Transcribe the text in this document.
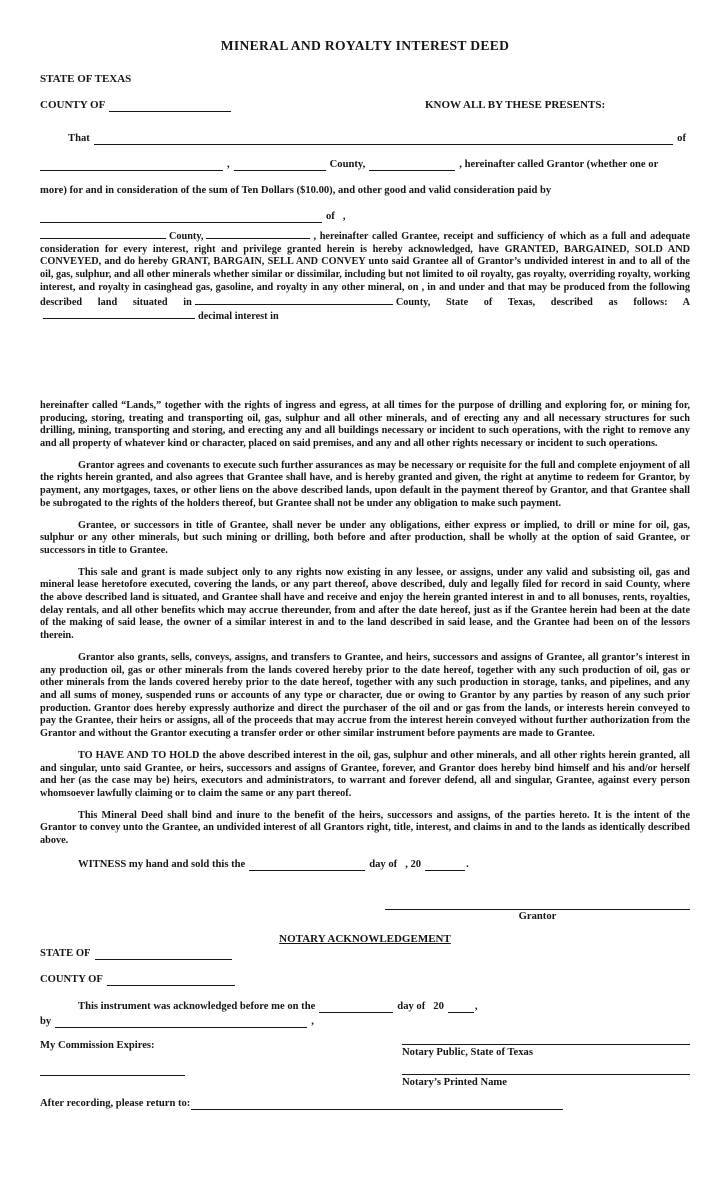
MINERAL AND ROYALTY INTEREST DEED
STATE OF TEXAS
COUNTY OF	KNOW ALL BY THESE PRESENTS:
That	of
,	County,	, hereinafter called Grantor (whether one or
more) for and in consideration of the sum of Ten Dollars ($10.00), and other good and valid consideration paid by
of ,

County,	, hereinafter called Grantee, receipt and sufficiency of which as a full and adequate consideration for every interest, right and privilege granted herein is hereby acknowledged, have GRANTED, BARGAINED, SOLD AND CONVEYED, and do hereby GRANT, BARGAIN, SELL AND CONVEY unto said Grantee all of Grantor’s undivided interest in and to all of the oil, gas, sulphur, and all other minerals whether similar or dissimilar, including but not limited to oil royalty, gas royalty, overriding royalty, working interest, and royalty in casinghead gas, gasoline, and royalty in any other mineral, on , in and under and that may be produced from the following described land situated in	County, State of Texas, described as follows: Adecimal interest in

hereinafter called “Lands,” together with the rights of ingress and egress, at all times for the purpose of drilling and exploring for, or mining for, producing, storing, treating and transporting oil, gas, sulphur and all other minerals, and of erecting any and all necessary structures for such drilling, mining, transporting and storing, and erecting any and all buildings necessary or incident to such operations, with the right to remove any and all property of whatever kind or character, placed on said premises, and any and all other rights necessary or incident to such operations.

Grantor agrees and covenants to execute such further assurances as may be necessary or requisite for the full and complete enjoyment of all the rights herein granted, and also agrees that Grantee shall have, and is hereby granted and given, the right at anytime to redeem for Grantor, by payment, any mortgages, taxes, or other liens on the above described lands, upon default in the payment thereof by Grantor, and that Grantee shall be subrogated to the rights of the holders thereof, but Grantee shall not be under any obligation to make such payment.

Grantee, or successors in title of Grantee, shall never be under any obligations, either express or implied, to drill or mine for oil, gas, sulphur or any other minerals, but such mining or drilling, both before and after production, shall be wholly at the option of said Grantee, or successors in title to Grantee.

This sale and grant is made subject only to any rights now existing in any lessee, or assigns, under any valid and subsisting oil, gas and mineral lease heretofore executed, covering the lands, or any part thereof, above described, duly and legally filed for record in said County, where the above described land is situated, and Grantee shall have and receive and enjoy the herein granted interest in and to all bonuses, rents, royalties, delay rentals, and all other benefits which may accrue thereunder, from and after the date hereof, just as if the Grantee herein had been at the date of the making of said lease, the owner of a similar interest in and to the land described in said lease, and the Grantee had been on of the lessors therein.

Grantor also grants, sells, conveys, assigns, and transfers to Grantee, and heirs, successors and assigns of Grantee, all grantor’s interest in any production oil, gas or other minerals from the lands covered hereby prior to the date hereof, together with any such production of oil, gas or other minerals from the lands covered hereby prior to the date hereof, together with any such production in storage, tanks, and pipelines, and any and all sums of money, suspended runs or accounts of any type or character, due or owing to Grantor by any parties by reason of any such prior production. Grantor does hereby expressly authorize and direct the purchaser of the oil and or gas from the lands, or interests herein conveyed to pay the Grantee, their heirs or assigns, all of the proceeds that may accrue from the interest herein conveyed without further authorization from the Grantor and without the Grantor executing a transfer order or other similar instrument before payments are made to Grantee.

TO HAVE AND TO HOLD the above described interest in the oil, gas, sulphur and other minerals, and all other rights herein granted, all and singular, unto said Grantee, or heirs, successors and assigns of Grantee, forever, and Grantor does hereby bind himself and his and/or herself and her (as the case may be) heirs, executors and administrators, to warrant and forever defend, all and singular, Grantee, against every person whomsoever lawfully claiming or to claim the same or any part thereof.

This Mineral Deed shall bind and inure to the benefit of the heirs, successors and assigns, of the parties hereto. It is the intent of the Grantor to convey unto the Grantee, an undivided interest of all Grantors right, title, interest, and claims in and to the lands as identically described above.

WITNESS my hand and sold this the	day of , 20	.
Grantor
NOTARY ACKNOWLEDGEMENT
STATE OF
COUNTY OF
This instrument was acknowledged before me on the	day of 20	,
by	,
My Commission Expires:
Notary Public, State of Texas
Notary’s Printed Name
After recording, please return to:
